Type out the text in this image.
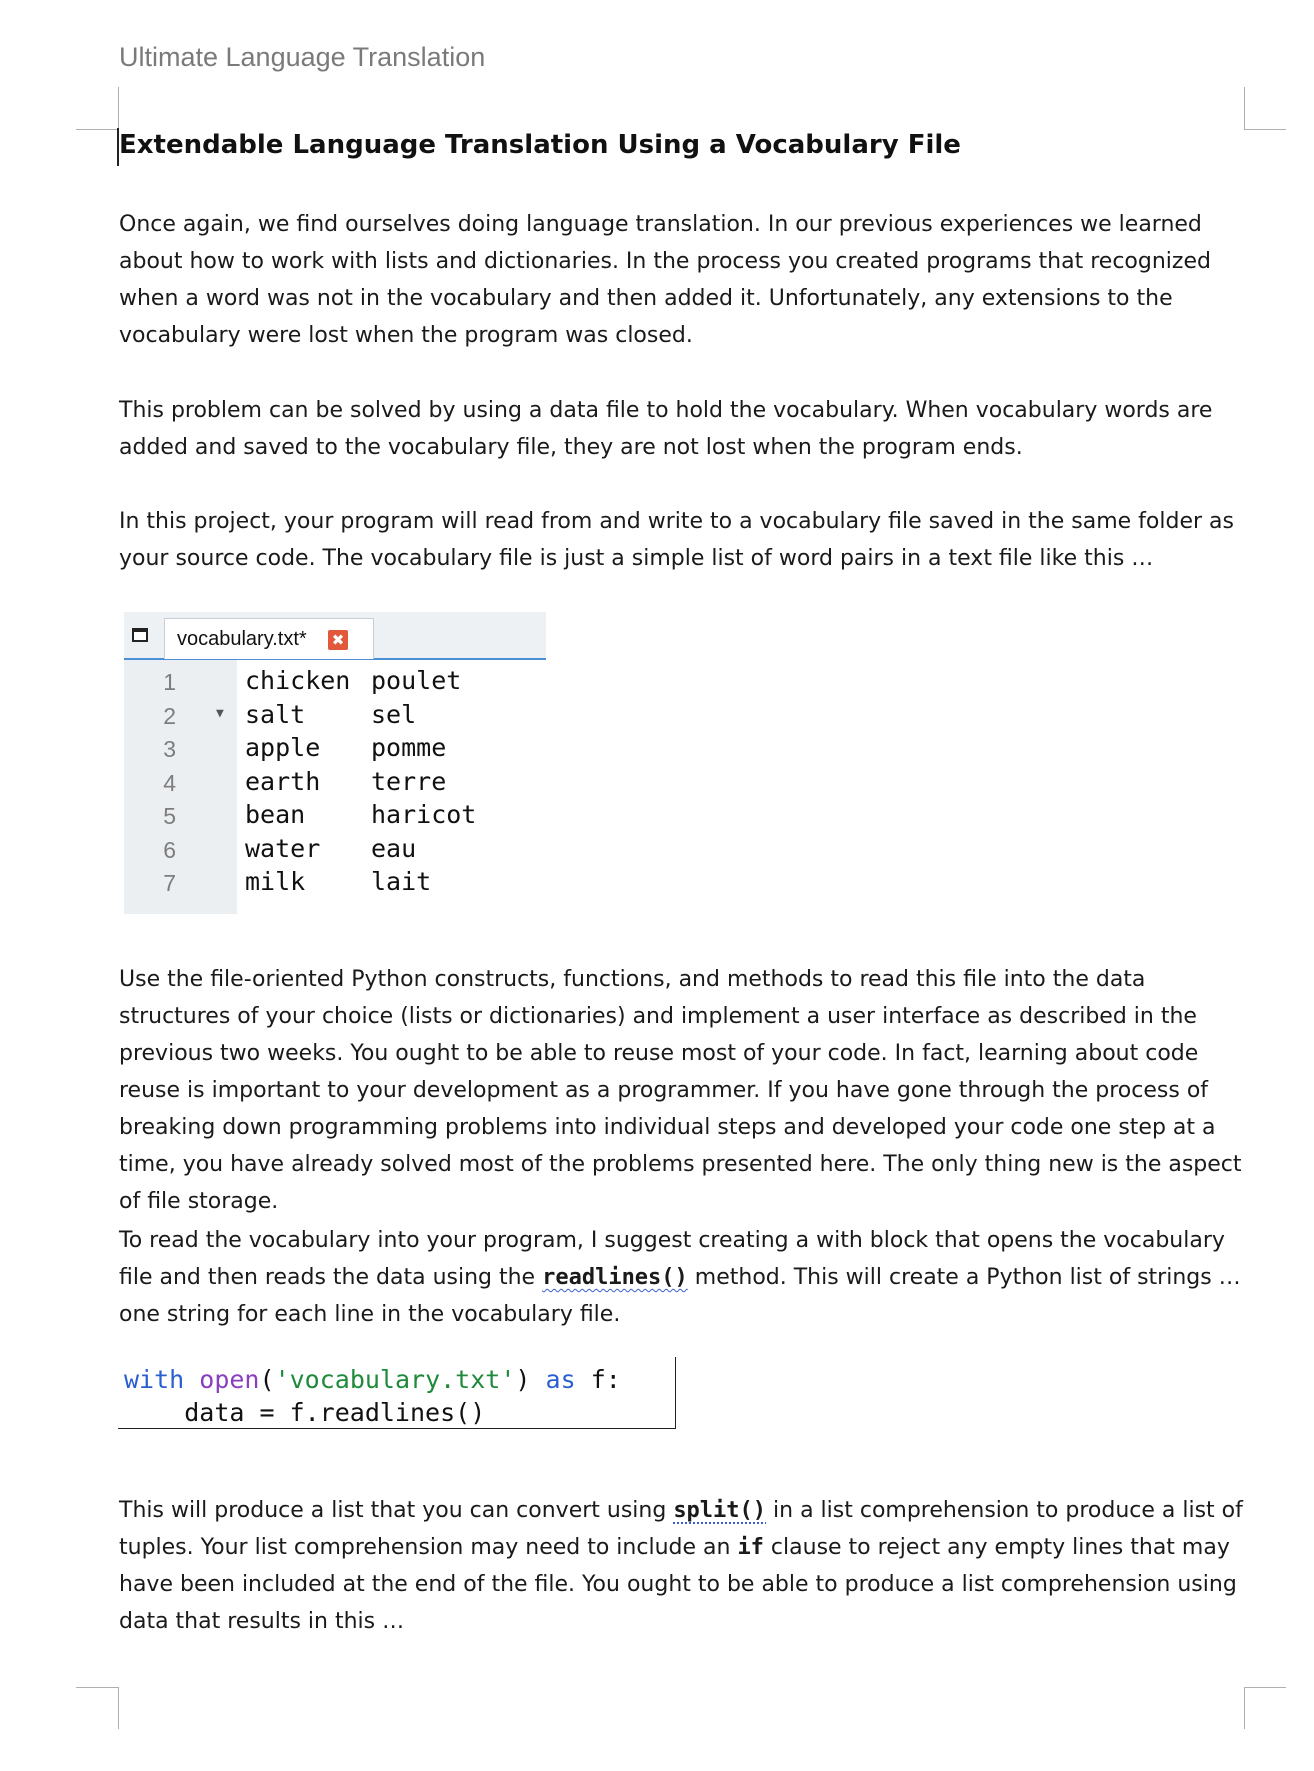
Ultimate Language Translation
Extendable Language Translation Using a Vocabulary File

Once again, we find ourselves doing language translation. In our previous experiences we learned about how to work with lists and dictionaries. In the process you created programs that recognized when a word was not in the vocabulary and then added it. Unfortunately, any extensions to the vocabulary were lost when the program was closed.

This problem can be solved by using a data file to hold the vocabulary. When vocabulary words are added and saved to the vocabulary file, they are not lost when the program ends.

In this project, your program will read from and write to a vocabulary file saved in the same folder as your source code. The vocabulary file is just a simple list of word pairs in a text file like this …

vocabulary.txt* ✖
1	chicken poulet
2	▼ salt	sel
3	apple pomme
4	earth terre
5	bean	haricot
6	water eau
7	milk	lait

Use the file-oriented Python constructs, functions, and methods to read this file into the data structures of your choice (lists or dictionaries) and implement a user interface as described in the previous two weeks. You ought to be able to reuse most of your code. In fact, learning about code reuse is important to your development as a programmer. If you have gone through the process of breaking down programming problems into individual steps and developed your code one step at a time, you have already solved most of the problems presented here. The only thing new is the aspect of file storage.

To read the vocabulary into your program, I suggest creating a with block that opens the vocabulary file and then reads the data using the readlines() method. This will create a Python list of strings … one string for each line in the vocabulary file.

with open('vocabulary.txt') as f:
data = f.readlines()

This will produce a list that you can convert using split() in a list comprehension to produce a list of tuples. Your list comprehension may need to include an if clause to reject any empty lines that may have been included at the end of the file. You ought to be able to produce a list comprehension using data that results in this …
